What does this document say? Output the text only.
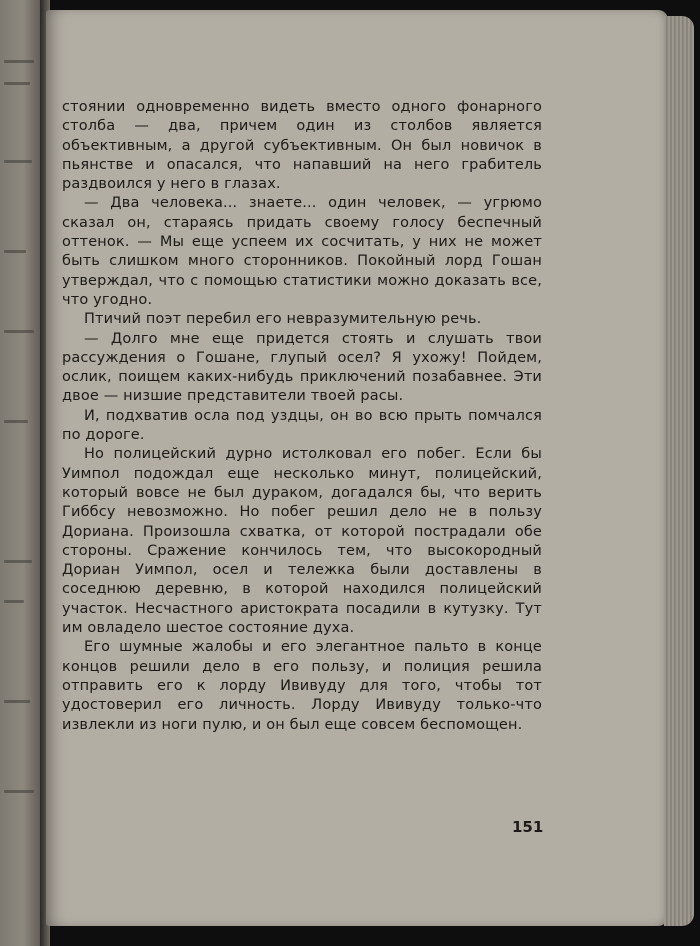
стоянии одновременно видеть вместо одного фонарного столба — два, причем один из столбов является объективным, а другой субъективным. Он был новичок в пьянстве и опасался, что напавший на него грабитель раздвоился у него в глазах.

— Два человека... знаете... один человек, — угрюмо сказал он, стараясь придать своему голосу беспечный оттенок. — Мы еще успеем их сосчитать, у них не может быть слишком много сторонников. Покойный лорд Гошан утверждал, что с помощью статистики можно доказать все, что угодно.

Птичий поэт перебил его невразумительную речь.

— Долго мне еще придется стоять и слушать твои рассуждения о Гошане, глупый осел? Я ухожу! Пойдем, ослик, поищем каких-нибудь приключений позабавнее. Эти двое — низшие представители твоей расы.

И, подхватив осла под уздцы, он во всю прыть помчался по дороге.

Но полицейский дурно истолковал его побег. Если бы Уимпол подождал еще несколько минут, полицейский, который вовсе не был дураком, догадался бы, что верить Гиббсу невозможно. Но побег решил дело не в пользу Дориана. Произошла схватка, от которой пострадали обе стороны. Сражение кончилось тем, что высокородный Дориан Уимпол, осел и тележка были доставлены в соседнюю деревню, в которой находился полицейский участок. Несчастного аристократа посадили в кутузку. Тут им овладело шестое состояние духа.

Его шумные жалобы и его элегантное пальто в конце концов решили дело в его пользу, и полиция решила отправить его к лорду Ививуду для того, чтобы тот удостоверил его личность. Лорду Ививуду только-что извлекли из ноги пулю, и он был еще совсем беспомощен.

151
